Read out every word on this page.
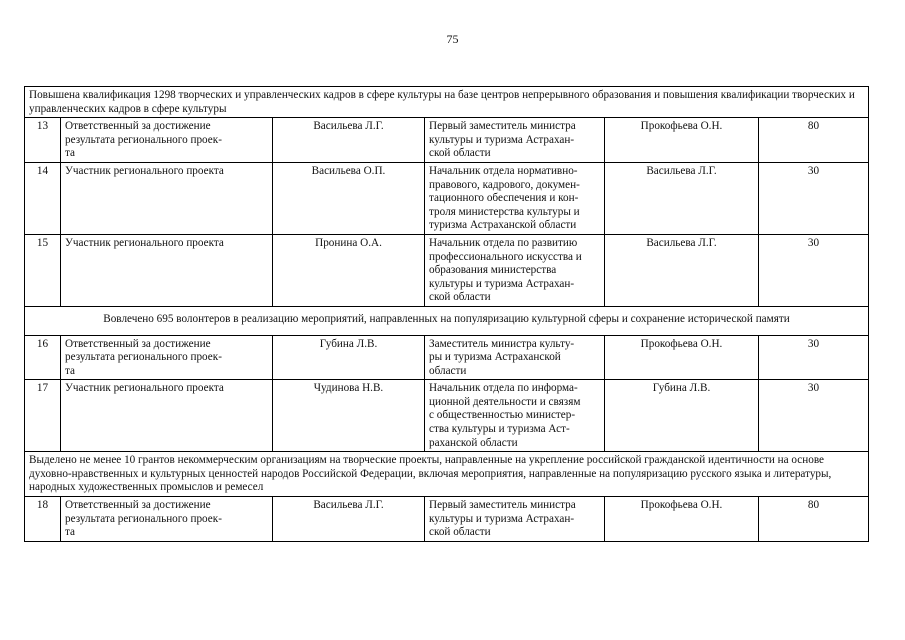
75
Повышена квалификация 1298 творческих и управленческих кадров в сфере культуры на базе центров непрерывного образования и повышения квалификации творческих и управленческих кадров в сфере культуры					
13	Ответственный за достижение
результата регионального проек-
та	Васильева Л.Г.	Первый заместитель министра
культуры и туризма Астрахан-
ской области	Прокофьева О.Н.	80
14	Участник регионального проекта	Васильева О.П.	Начальник отдела нормативно-
правового, кадрового, докумен-
тационного обеспечения и кон-
троля министерства культуры и
туризма Астраханской области	Васильева Л.Г.	30
15	Участник регионального проекта	Пронина О.А.	Начальник отдела по развитию
профессионального искусства и
образования министерства
культуры и туризма Астрахан-
ской области	Васильева Л.Г.	30
Вовлечено 695 волонтеров в реализацию мероприятий, направленных на популяризацию культурной сферы и сохранение исторической памяти					
16	Ответственный за достижение
результата регионального проек-
та	Губина Л.В.	Заместитель министра культу-
ры и туризма Астраханской
области	Прокофьева О.Н.	30
17	Участник регионального проекта	Чудинова Н.В.	Начальник отдела по информа-
ционной деятельности и связям
с общественностью министер-
ства культуры и туризма Аст-
раханской области	Губина Л.В.	30
Выделено не менее 10 грантов некоммерческим организациям на творческие проекты, направленные на укрепление российской гражданской идентичности на основе духовно-нравственных и культурных ценностей народов Российской Федерации, включая мероприятия, направленные на популяризацию русского языка и литературы, народных художественных промыслов и ремесел					
18	Ответственный за достижение
результата регионального проек-
та	Васильева Л.Г.	Первый заместитель министра
культуры и туризма Астрахан-
ской области	Прокофьева О.Н.	80
